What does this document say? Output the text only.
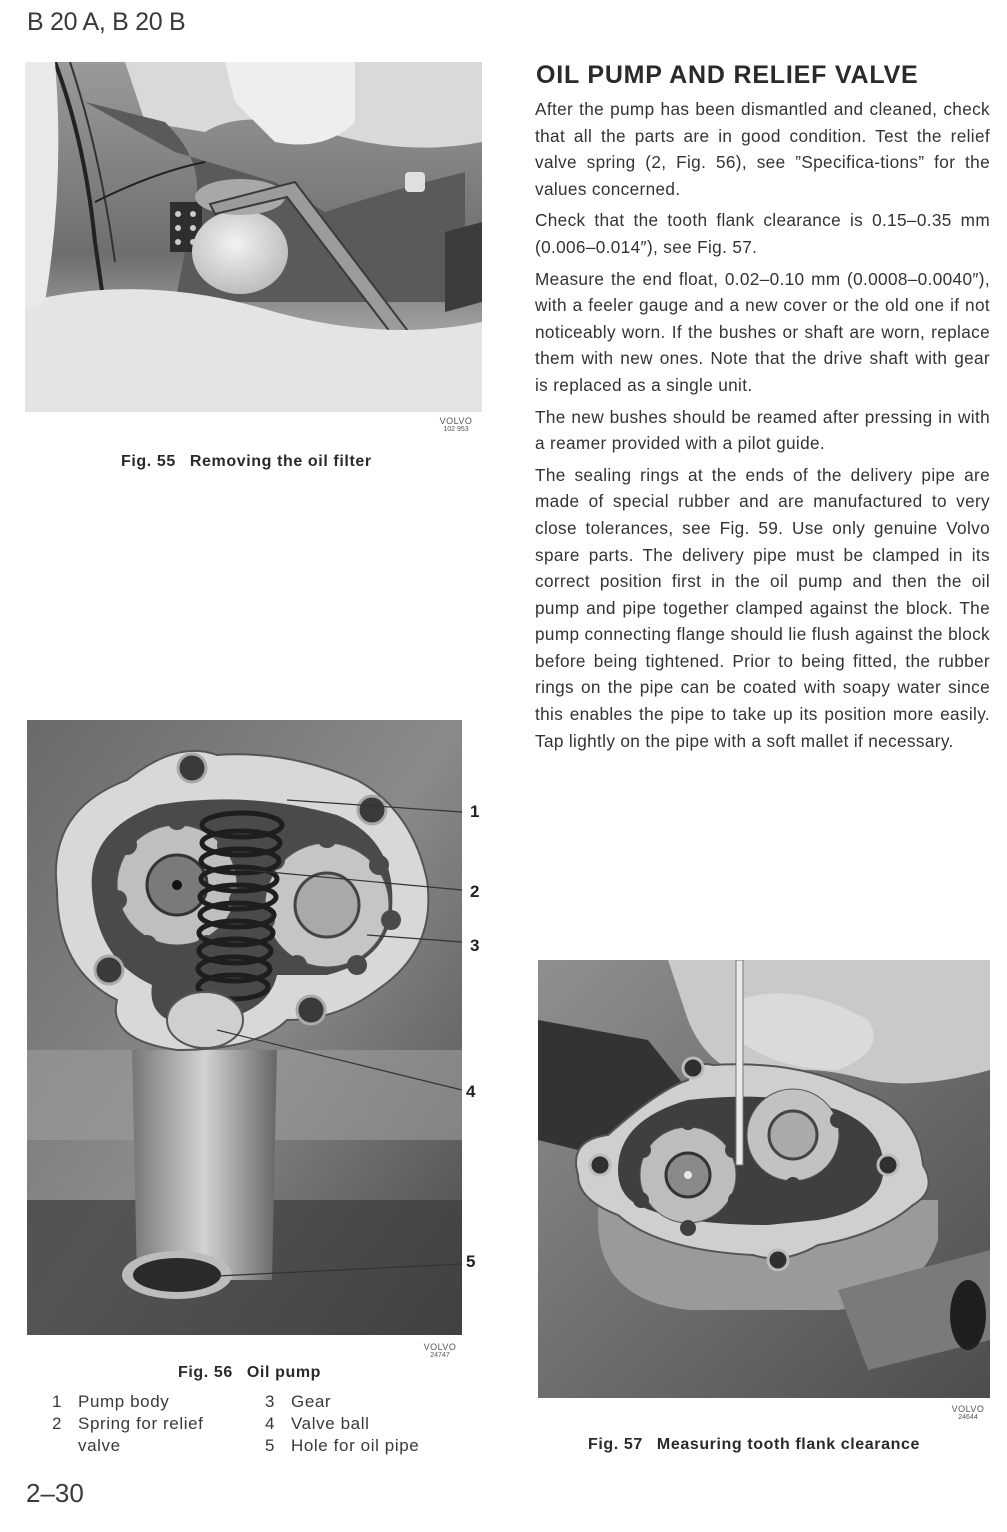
B 20 A, B 20 B
VOLVO
102 953
Fig. 55 Removing the oil filter
1
2
3
4
5
VOLVO
24747
Fig. 56 Oil pump
1 Pump body
2 Spring for relief
valve
3 Gear
4 Valve ball
5 Hole for oil pipe
OIL PUMP AND RELIEF VALVE

After the pump has been dismantled and cleaned, check that all the parts are in good condition. Test the relief valve spring (2, Fig. 56), see ”Specifica-tions” for the values concerned.

Check that the tooth flank clearance is 0.15–0.35 mm (0.006–0.014″), see Fig. 57.

Measure the end float, 0.02–0.10 mm (0.0008–0.0040″), with a feeler gauge and a new cover or the old one if not noticeably worn. If the bushes or shaft are worn, replace them with new ones. Note that the drive shaft with gear is replaced as a single unit.

The new bushes should be reamed after pressing in with a reamer provided with a pilot guide.

The sealing rings at the ends of the delivery pipe are made of special rubber and are manufactured to very close tolerances, see Fig. 59. Use only genuine Volvo spare parts. The delivery pipe must be clamped in its correct position first in the oil pump and then the oil pump and pipe together clamped against the block. The pump connecting flange should lie flush against the block before being tightened. Prior to being fitted, the rubber rings on the pipe can be coated with soapy water since this enables the pipe to take up its position more easily. Tap lightly on the pipe with a soft mallet if necessary.

VOLVO
24644
Fig. 57 Measuring tooth flank clearance
2–30
